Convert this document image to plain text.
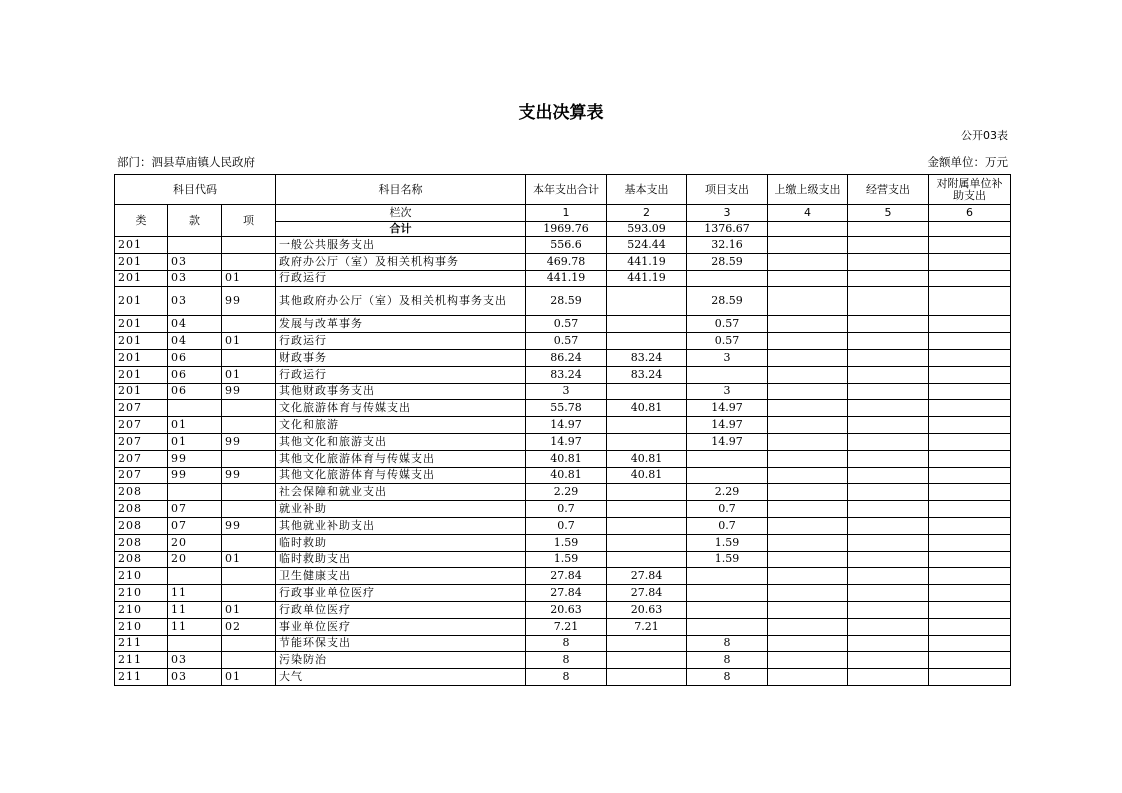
支出决算表
公开03表
部门：泗县草庙镇人民政府	金额单位：万元
科目代码			科目名称	本年支出合计	基本支出	项目支出	上缴上级支出	经营支出	对附属单位补助支出
类	款	项	栏次	1	2	3	4	5	6
			合计	1969.76	593.09	1376.67			
201			一般公共服务支出	556.6	524.44	32.16			
201	03		政府办公厅（室）及相关机构事务	469.78	441.19	28.59			
201	03	01	行政运行	441.19	441.19				
201	03	99	其他政府办公厅（室）及相关机构事务支出	28.59		28.59			
201	04		发展与改革事务	0.57		0.57			
201	04	01	行政运行	0.57		0.57			
201	06		财政事务	86.24	83.24	3			
201	06	01	行政运行	83.24	83.24				
201	06	99	其他财政事务支出	3		3			
207			文化旅游体育与传媒支出	55.78	40.81	14.97			
207	01		文化和旅游	14.97		14.97			
207	01	99	其他文化和旅游支出	14.97		14.97			
207	99		其他文化旅游体育与传媒支出	40.81	40.81				
207	99	99	其他文化旅游体育与传媒支出	40.81	40.81				
208			社会保障和就业支出	2.29		2.29			
208	07		就业补助	0.7		0.7			
208	07	99	其他就业补助支出	0.7		0.7			
208	20		临时救助	1.59		1.59			
208	20	01	临时救助支出	1.59		1.59			
210			卫生健康支出	27.84	27.84				
210	11		行政事业单位医疗	27.84	27.84				
210	11	01	行政单位医疗	20.63	20.63				
210	11	02	事业单位医疗	7.21	7.21				
211			节能环保支出	8		8			
211	03		污染防治	8		8			
211	03	01	大气	8		8			
